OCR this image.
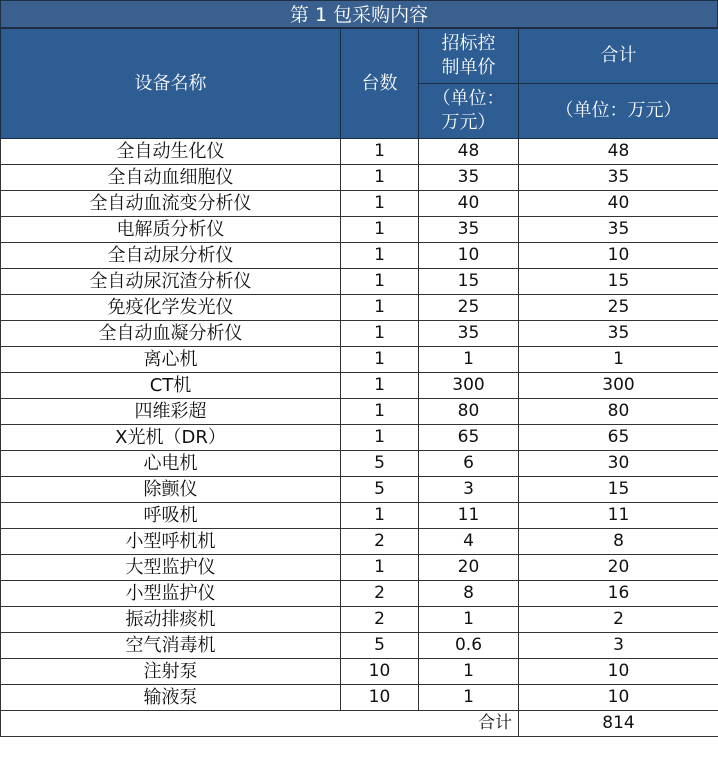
第 1 包采购内容
设备名称	台数	招标控制单价	合计

		（单位：万元）	（单位：万元）
全自动生化仪	1	48	48
全自动血细胞仪	1	35	35
全自动血流变分析仪	1	40	40
电解质分析仪	1	35	35
全自动尿分析仪	1	10	10
全自动尿沉渣分析仪	1	15	15
免疫化学发光仪	1	25	25
全自动血凝分析仪	1	35	35
离心机	1	1	1
CT机	1	300	300
四维彩超	1	80	80
X光机（DR）	1	65	65
心电机	5	6	30
除颤仪	5	3	15
呼吸机	1	11	11
小型呼机机	2	4	8
大型监护仪	1	20	20
小型监护仪	2	8	16
振动排痰机	2	1	2
空气消毒机	5	0.6	3
注射泵	10	1	10
输液泵	10	1	10
合计			814
